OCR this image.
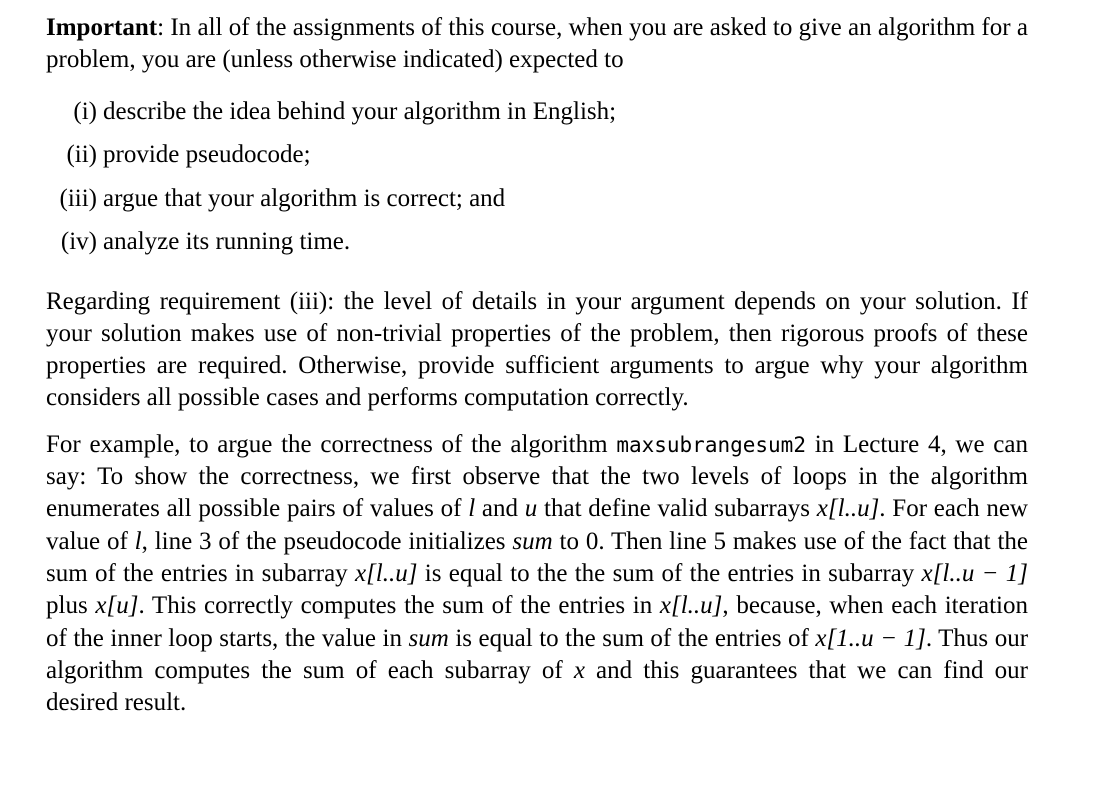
Important: In all of the assignments of this course, when you are asked to give an algorithm for a problem, you are (unless otherwise indicated) expected to

(i) describe the idea behind your algorithm in English;
(ii) provide pseudocode;
(iii) argue that your algorithm is correct; and
(iv) analyze its running time.

Regarding requirement (iii): the level of details in your argument depends on your solution. If your solution makes use of non-trivial properties of the problem, then rigorous proofs of these properties are required. Otherwise, provide sufficient arguments to argue why your algorithm considers all possible cases and performs computation correctly.

For example, to argue the correctness of the algorithm maxsubrangesum2 in Lecture 4, we can say: To show the correctness, we first observe that the two levels of loops in the algorithm enumerates all possible pairs of values of l and u that define valid subarrays x[l..u]. For each new value of l, line 3 of the pseudocode initializes sum to 0. Then line 5 makes use of the fact that the sum of the entries in subarray x[l..u] is equal to the the sum of the entries in subarray x[l..u − 1] plus x[u]. This correctly computes the sum of the entries in x[l..u], because, when each iteration of the inner loop starts, the value in sum is equal to the sum of the entries of x[1..u − 1]. Thus our algorithm computes the sum of each subarray of x and this guarantees that we can find our desired result.
